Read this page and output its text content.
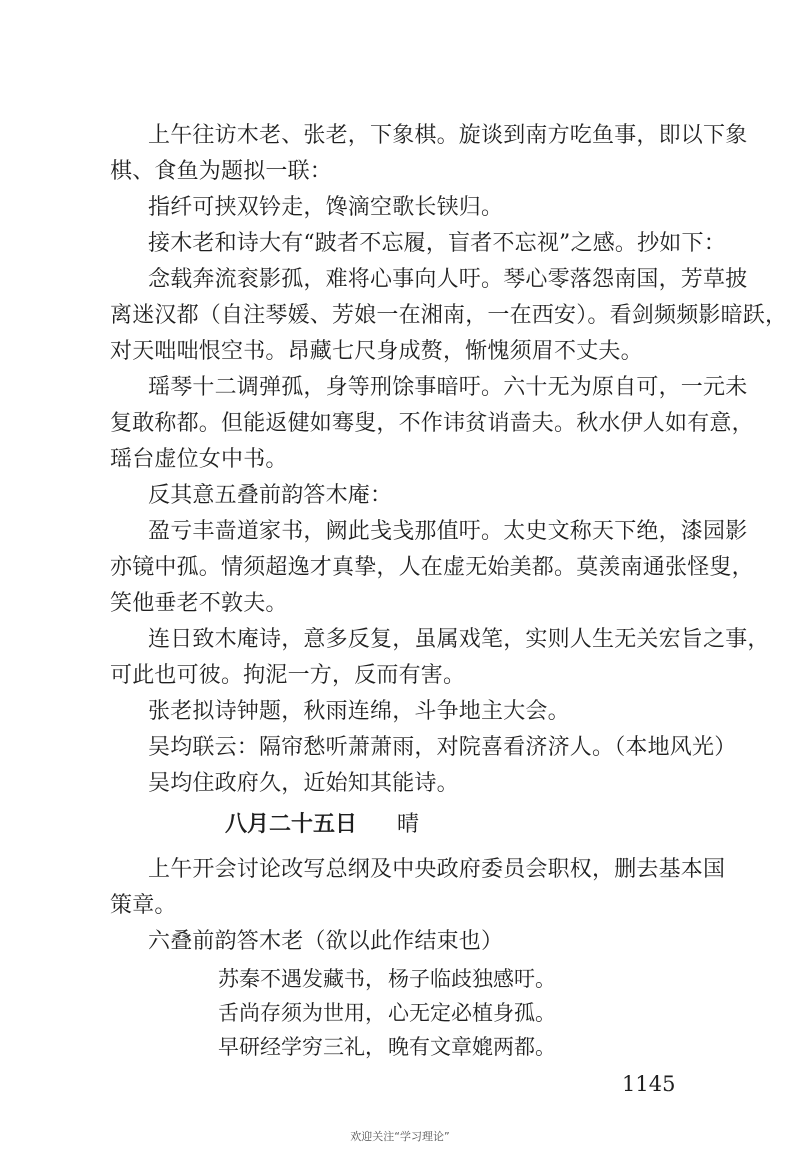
上午往访木老、张老，下象棋。旋谈到南方吃鱼事，即以下象
棋、食鱼为题拟一联：
指纤可挟双钤走，馋滴空歌长铗归。
接木老和诗大有“跛者不忘履，盲者不忘视”之感。抄如下：
念载奔流衮影孤，难将心事向人吁。琴心零落怨南国，芳草披
离迷汉都（自注琴媛、芳娘一在湘南，一在西安）。看剑频频影暗跃，
对天咄咄恨空书。昂藏七尺身成赘，惭愧须眉不丈夫。
瑶琴十二调弹孤，身等刑馀事暗吁。六十无为原自可，一元未
复敢称都。但能返健如骞叟，不作讳贫诮啬夫。秋水伊人如有意，
瑶台虚位女中书。
反其意五叠前韵答木庵：
盈亏丰啬道家书，阙此戋戋那值吁。太史文称天下绝，漆园影
亦镜中孤。情须超逸才真挚，人在虚无始美都。莫羡南通张怪叟，
笑他垂老不敦夫。
连日致木庵诗，意多反复，虽属戏笔，实则人生无关宏旨之事，
可此也可彼。拘泥一方，反而有害。
张老拟诗钟题，秋雨连绵，斗争地主大会。
吴均联云：隔帘愁听萧萧雨，对院喜看济济人。（本地风光）
吴均住政府久，近始知其能诗。
八月二十五日 晴
上午开会讨论改写总纲及中央政府委员会职权，删去基本国
策章。
六叠前韵答木老（欲以此作结束也）
苏秦不遇发藏书，杨子临歧独感吁。
舌尚存须为世用，心无定必植身孤。
早研经学穷三礼，晚有文章媲两都。
1145
欢迎关注“学习理论”
